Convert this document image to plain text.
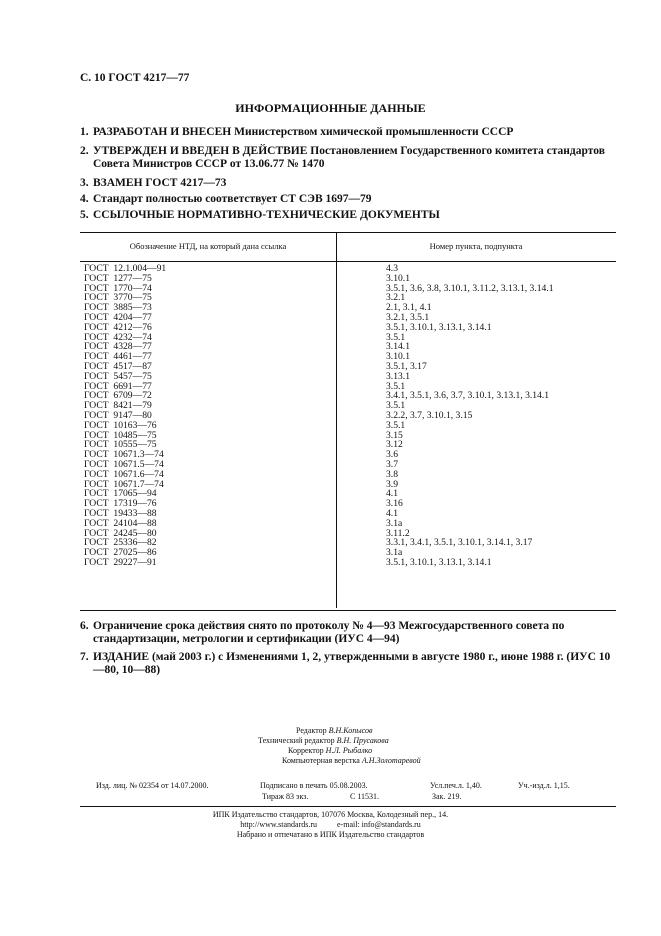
С. 10 ГОСТ 4217—77
ИНФОРМАЦИОННЫЕ ДАННЫЕ
1. РАЗРАБОТАН И ВНЕСЕН Министерством химической промышленности СССР
2. УТВЕРЖДЕН И ВВЕДЕН В ДЕЙСТВИЕ Постановлением Государственного комитета стандартов Совета Министров СССР от 13.06.77 № 1470
3. ВЗАМЕН ГОСТ 4217—73
4. Стандарт полностью соответствует СТ СЭВ 1697—79
5. ССЫЛОЧНЫЕ НОРМАТИВНО-ТЕХНИЧЕСКИЕ ДОКУМЕНТЫ
Обозначение НТД, на который дана ссылка	Номер пункта, подпункта
ГОСТ  12.1.004—91	4.3
ГОСТ  1277—75	3.10.1
ГОСТ  1770—74	3.5.1, 3.6, 3.8, 3.10.1, 3.11.2, 3.13.1, 3.14.1
ГОСТ  3770—75	3.2.1
ГОСТ  3885—73	2.1, 3.1, 4.1
ГОСТ  4204—77	3.2.1, 3.5.1
ГОСТ  4212—76	3.5.1, 3.10.1, 3.13.1, 3.14.1
ГОСТ  4232—74	3.5.1
ГОСТ  4328—77	3.14.1
ГОСТ  4461—77	3.10.1
ГОСТ  4517—87	3.5.1, 3.17
ГОСТ  5457—75	3.13.1
ГОСТ  6691—77	3.5.1
ГОСТ  6709—72	3.4.1, 3.5.1, 3.6, 3.7, 3.10.1, 3.13.1, 3.14.1
ГОСТ  8421—79	3.5.1
ГОСТ  9147—80	3.2.2, 3.7, 3.10.1, 3.15
ГОСТ  10163—76	3.5.1
ГОСТ  10485—75	3.15
ГОСТ  10555—75	3.12
ГОСТ  10671.3—74	3.6
ГОСТ  10671.5—74	3.7
ГОСТ  10671.6—74	3.8
ГОСТ  10671.7—74	3.9
ГОСТ  17065—94	4.1
ГОСТ  17319—76	3.16
ГОСТ  19433—88	4.1
ГОСТ  24104—88	3.1а
ГОСТ  24245—80	3.11.2
ГОСТ  25336—82	3.3.1, 3.4.1, 3.5.1, 3.10.1, 3.14.1, 3.17
ГОСТ  27025—86	3.1а
ГОСТ  29227—91	3.5.1, 3.10.1, 3.13.1, 3.14.1
6. Ограничение срока действия снято по протоколу № 4—93 Межгосударственного совета по стандартизации, метрологии и сертификации (ИУС 4—94)
7. ИЗДАНИЕ (май 2003 г.) с Изменениями 1, 2, утвержденными в августе 1980 г., июне 1988 г. (ИУС 10—80, 10—88)
Редактор В.Н.Копысов
Технический редактор В.Н. Прусакова
Корректор Н.Л. Рыбалко
Компьютерная верстка А.Н.Золотаревой
Изд. лиц. № 02354 от 14.07.2000.	Подписано в печать 05.08.2003.	Усл.печ.л. 1,40.	Уч.-изд.л. 1,15.
Тираж 83 экз.	С 11531.	Зак. 219.
ИПК Издательство стандартов, 107076 Москва, Колодезный пер., 14.
http://www.standards.ru          e-mail: info@standards.ru
Набрано и отпечатано в ИПК Издательство стандартов
